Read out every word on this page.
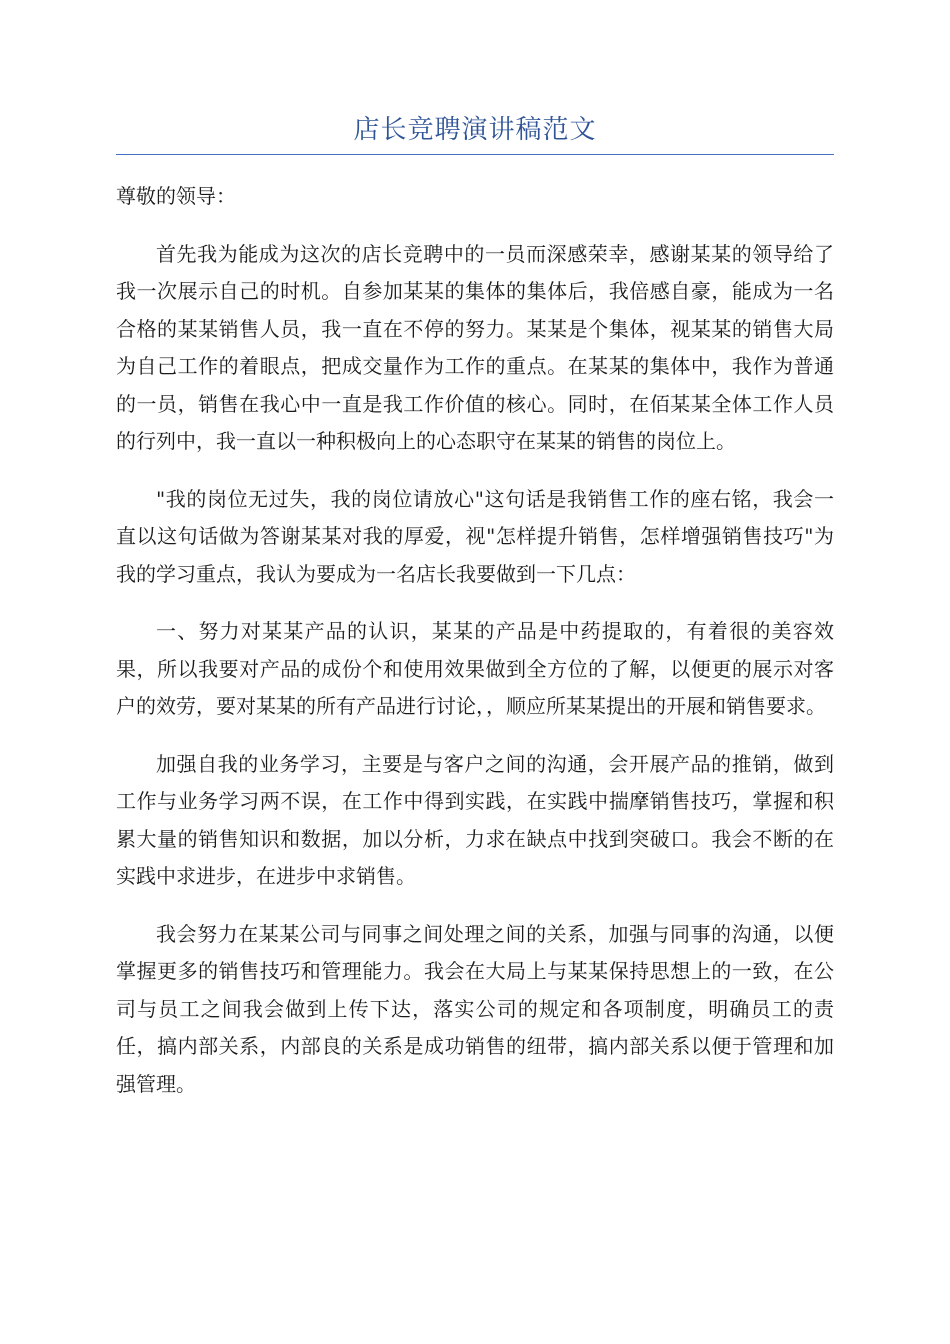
店长竞聘演讲稿范文

尊敬的领导：

首先我为能成为这次的店长竞聘中的一员而深感荣幸，感谢某某的领导给了我一次展示自己的时机。自参加某某的集体的集体后，我倍感自豪，能成为一名合格的某某销售人员，我一直在不停的努力。某某是个集体，视某某的销售大局为自己工作的着眼点，把成交量作为工作的重点。在某某的集体中，我作为普通的一员，销售在我心中一直是我工作价值的核心。同时，在佰某某全体工作人员的行列中，我一直以一种积极向上的心态职守在某某的销售的岗位上。

"我的岗位无过失，我的岗位请放心"这句话是我销售工作的座右铭，我会一直以这句话做为答谢某某对我的厚爱，视"怎样提升销售，怎样增强销售技巧"为我的学习重点，我认为要成为一名店长我要做到一下几点：

一、努力对某某产品的认识，某某的产品是中药提取的，有着很的美容效果，所以我要对产品的成份个和使用效果做到全方位的了解，以便更的展示对客户的效劳，要对某某的所有产品进行讨论，，顺应所某某提出的开展和销售要求。

加强自我的业务学习，主要是与客户之间的沟通，会开展产品的推销，做到工作与业务学习两不误，在工作中得到实践，在实践中揣摩销售技巧，掌握和积累大量的销售知识和数据，加以分析，力求在缺点中找到突破口。我会不断的在实践中求进步，在进步中求销售。

我会努力在某某公司与同事之间处理之间的关系，加强与同事的沟通，以便掌握更多的销售技巧和管理能力。我会在大局上与某某保持思想上的一致，在公司与员工之间我会做到上传下达，落实公司的规定和各项制度，明确员工的责任，搞内部关系，内部良的关系是成功销售的纽带，搞内部关系以便于管理和加强管理。
